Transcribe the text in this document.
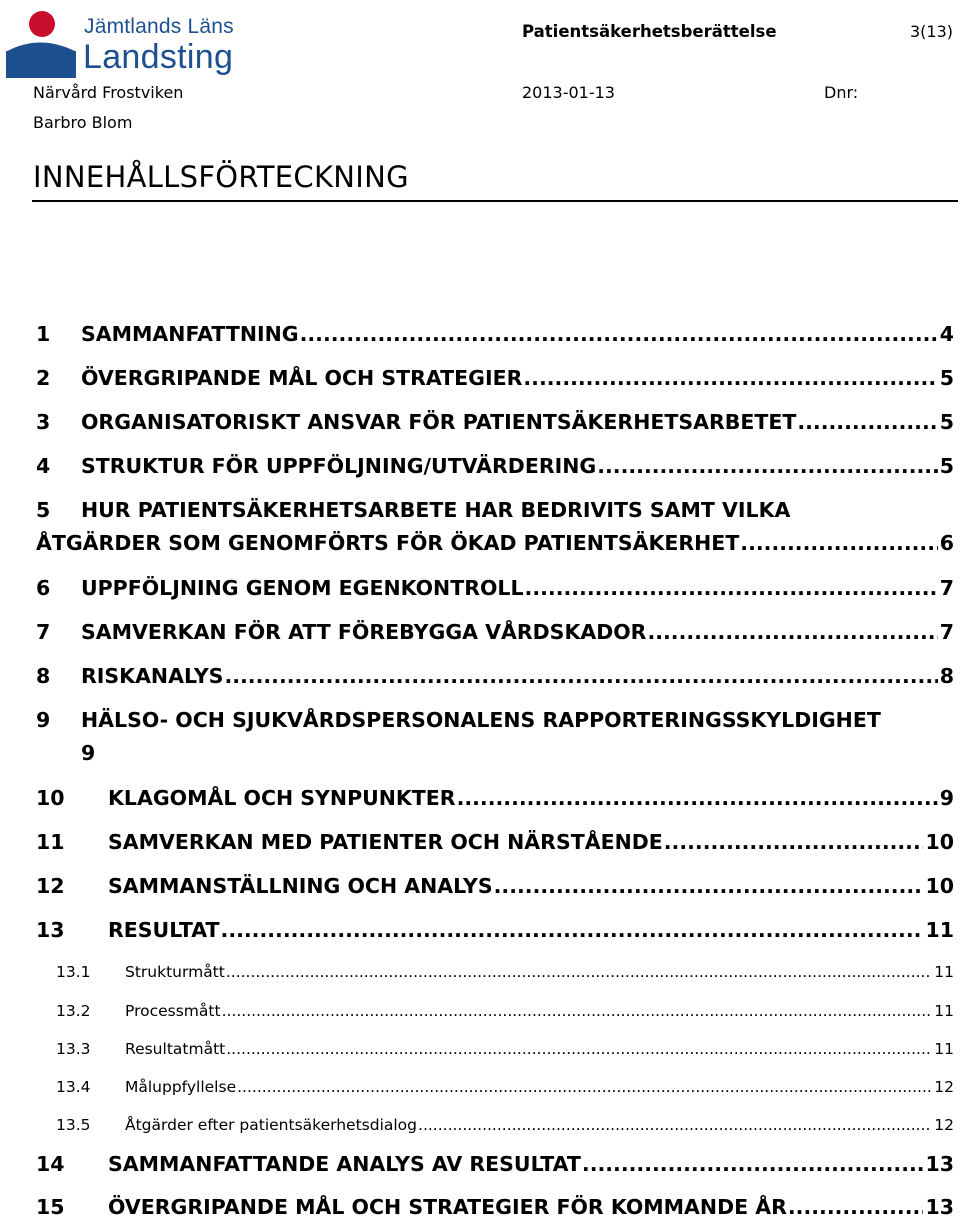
Jämtlands Läns
Landsting
Patientsäkerhetsberättelse	3(13)
Närvård Frostviken	2013-01-13	Dnr:
Barbro Blom
INNEHÅLLSFÖRTECKNING
1	SAMMANFATTNING .....	4
2	ÖVERGRIPANDE MÅL OCH STRATEGIER .....	5
3	ORGANISATORISKT ANSVAR FÖR PATIENTSÄKERHETSARBETET .....	5
4	STRUKTUR FÖR UPPFÖLJNING/UTVÄRDERING .....	5
5	HUR PATIENTSÄKERHETSARBETE HAR BEDRIVITS SAMT VILKA
ÅTGÄRDER SOM GENOMFÖRTS FÖR ÖKAD PATIENTSÄKERHET .....	6
6	UPPFÖLJNING GENOM EGENKONTROLL .....	7
7	SAMVERKAN FÖR ATT FÖREBYGGA VÅRDSKADOR .....	7
8	RISKANALYS .....	8
9	HÄLSO- OCH SJUKVÅRDSPERSONALENS RAPPORTERINGSSKYLDIGHET
9
10	KLAGOMÅL OCH SYNPUNKTER .....	9
11	SAMVERKAN MED PATIENTER OCH NÄRSTÅENDE .....	10
12	SAMMANSTÄLLNING OCH ANALYS .....	10
13	RESULTAT .....	11
13.1	Strukturmått .....	11
13.2	Processmått .....	11
13.3	Resultatmått .....	11
13.4	Måluppfyllelse .....	12
13.5	Åtgärder efter patientsäkerhetsdialog .....	12
14	SAMMANFATTANDE ANALYS AV RESULTAT .....	13
15	ÖVERGRIPANDE MÅL OCH STRATEGIER FÖR KOMMANDE ÅR .....	13
